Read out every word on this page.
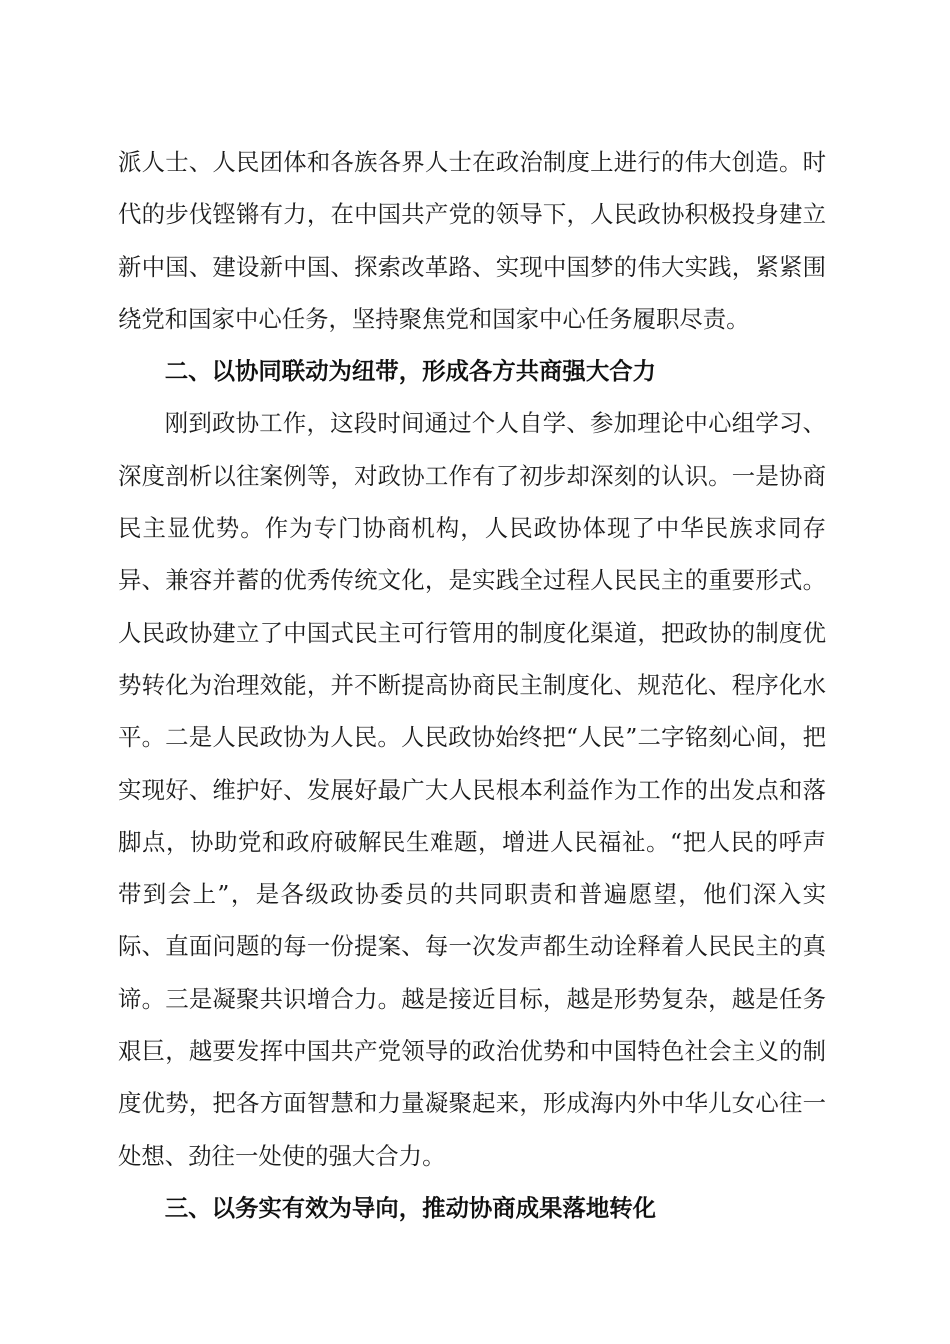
派人士、人民团体和各族各界人士在政治制度上进行的伟大创造。时代的步伐铿锵有力，在中国共产党的领导下，人民政协积极投身建立新中国、建设新中国、探索改革路、实现中国梦的伟大实践，紧紧围绕党和国家中心任务，坚持聚焦党和国家中心任务履职尽责。

二、以协同联动为纽带，形成各方共商强大合力

刚到政协工作，这段时间通过个人自学、参加理论中心组学习、深度剖析以往案例等，对政协工作有了初步却深刻的认识。一是协商民主显优势。作为专门协商机构，人民政协体现了中华民族求同存异、兼容并蓄的优秀传统文化，是实践全过程人民民主的重要形式。人民政协建立了中国式民主可行管用的制度化渠道，把政协的制度优势转化为治理效能，并不断提高协商民主制度化、规范化、程序化水平。二是人民政协为人民。人民政协始终把“人民”二字铭刻心间，把实现好、维护好、发展好最广大人民根本利益作为工作的出发点和落脚点，协助党和政府破解民生难题，增进人民福祉。“把人民的呼声带到会上”，是各级政协委员的共同职责和普遍愿望，他们深入实际、直面问题的每一份提案、每一次发声都生动诠释着人民民主的真谛。三是凝聚共识增合力。越是接近目标，越是形势复杂，越是任务艰巨，越要发挥中国共产党领导的政治优势和中国特色社会主义的制度优势，把各方面智慧和力量凝聚起来，形成海内外中华儿女心往一处想、劲往一处使的强大合力。

三、以务实有效为导向，推动协商成果落地转化
